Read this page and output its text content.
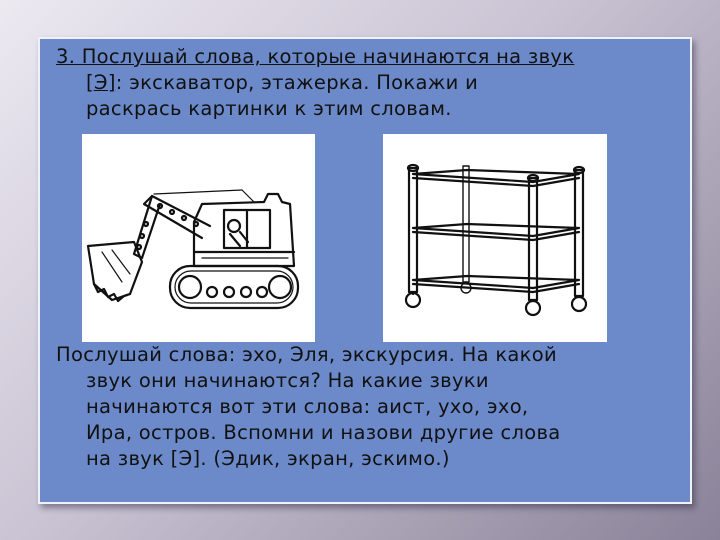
3. Послушай слова, которые начинаются на звук
[Э]: экскаватор, этажерка. Покажи и
раскрась картинки к этим словам.
Послушай слова: эхо, Эля, экскурсия. На какой
звук они начинаются? На какие звуки
начинаются вот эти слова: аист, ухо, эхо,
Ира, остров. Вспомни и назови другие слова
на звук [Э]. (Эдик, экран, эскимо.)
